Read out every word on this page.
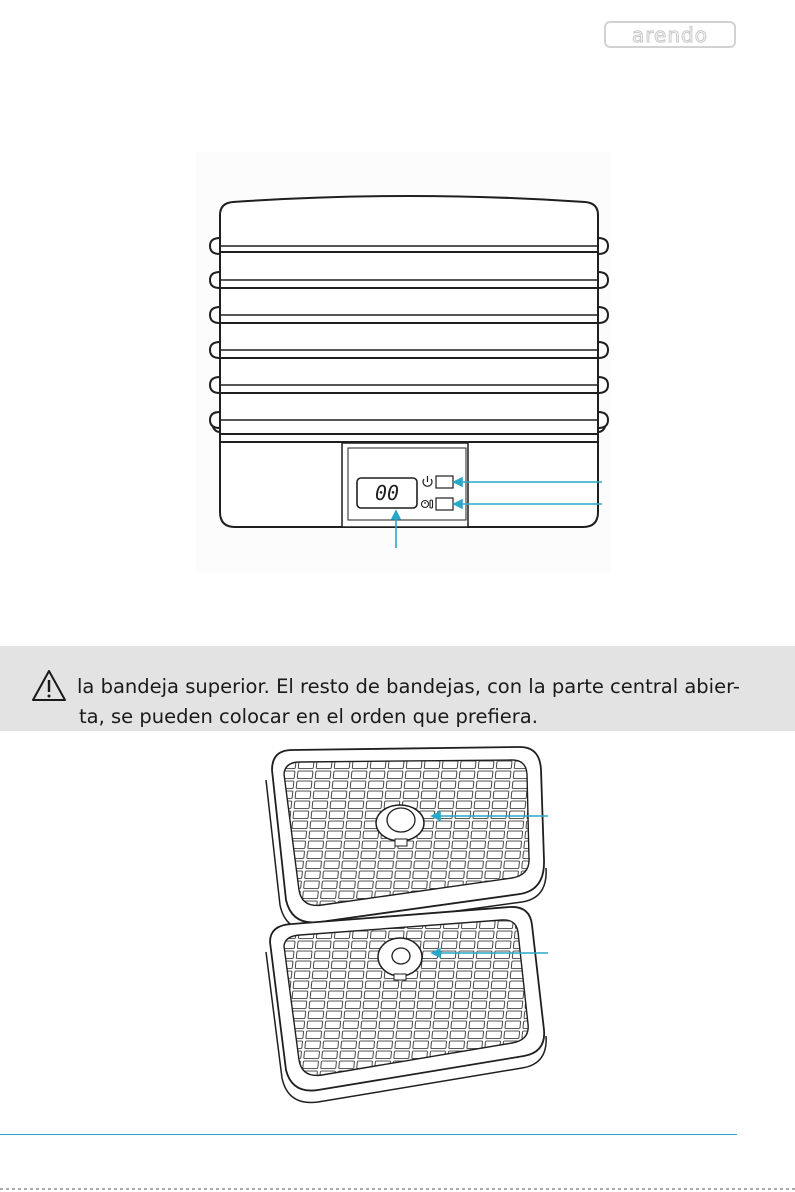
arendo
00
la bandeja superior. El resto de bandejas, con la parte central abier-
ta, se pueden colocar en el orden que prefiera.
